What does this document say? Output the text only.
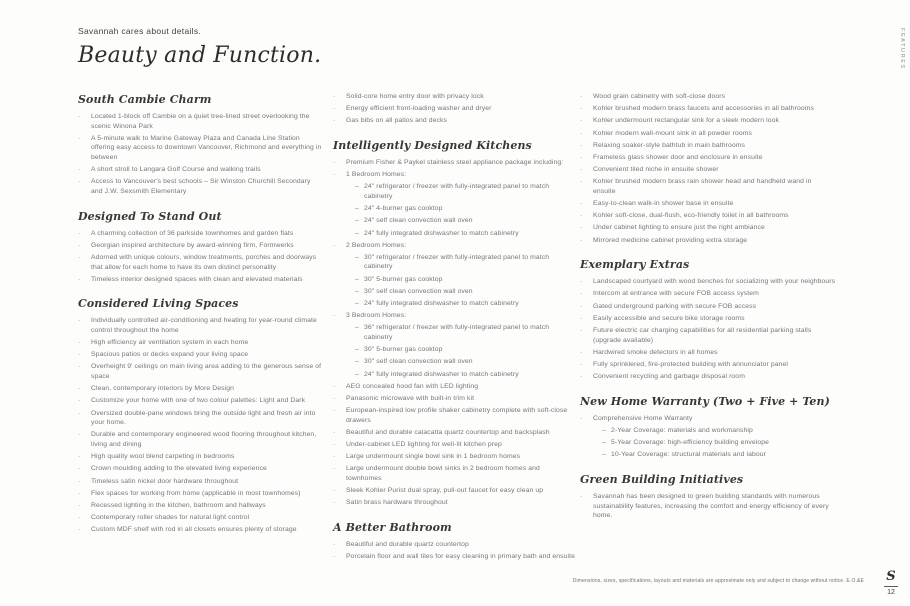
Savannah cares about details.
Beauty and Function.
South Cambie Charm
·	Located 1-block off Cambie on a quiet tree-lined street overlooking the scenic Winona Park
·	A 5-minute walk to Marine Gateway Plaza and Canada Line Station offering easy access to downtown Vancouver, Richmond and everything in between
·	A short stroll to Langara Golf Course and walking trails
·	Access to Vancouver's best schools – Sir Winston Churchill Secondary and J.W. Sexsmith Elementary
Designed To Stand Out
·	A charming collection of 36 parkside townhomes and garden flats
·	Georgian inspired architecture by award-winning firm, Formwerks
·	Adorned with unique colours, window treatments, porches and doorways that allow for each home to have its own distinct personality
·	Timeless interior designed spaces with clean and elevated materials
Considered Living Spaces
·	Individually controlled air-conditioning and heating for year-round climate control throughout the home
·	High efficiency air ventilation system in each home
·	Spacious patios or decks expand your living space
·	Overheight 9' ceilings on main living area adding to the generous sense of space
·	Clean, contemporary interiors by More Design
·	Customize your home with one of two colour palettes: Light and Dark
·	Oversized double-pane windows bring the outside light and fresh air into your home.
·	Durable and contemporary engineered wood flooring throughout kitchen, living and dining
·	High quality wool blend carpeting in bedrooms
·	Crown moulding adding to the elevated living experience
·	Timeless satin nickel door hardware throughout
·	Flex spaces for working from home (applicable in most townhomes)
·	Recessed lighting in the kitchen, bathroom and hallways
·	Contemporary roller shades for natural light control
·	Custom MDF shelf with rod in all closets ensures plenty of storage
·	Solid-core home entry door with privacy lock
·	Energy efficient front-loading washer and dryer
·	Gas bibs on all patios and decks
Intelligently Designed Kitchens
·	Premium Fisher & Paykel stainless steel appliance package including:
·	1 Bedroom Homes:
– 24" refrigerator / freezer with fully-integrated panel to match cabinetry
– 24" 4-burner gas cooktop
– 24" self clean convection wall oven
– 24" fully integrated dishwasher to match cabinetry
·	2 Bedroom Homes:
– 30" refrigerator / freezer with fully-integrated panel to match cabinetry
– 30" 5-burner gas cooktop
– 30" self clean convection wall oven
– 24" fully integrated dishwasher to match cabinetry
·	3 Bedroom Homes:
– 36" refrigerator / freezer with fully-integrated panel to match cabinetry
– 30" 5-burner gas cooktop
– 30" self clean convection wall oven
– 24" fully integrated dishwasher to match cabinetry
·	AEG concealed hood fan with LED lighting
·	Panasonic microwave with built-in trim kit
·	European-inspired low profile shaker cabinetry complete with soft-close drawers
·	Beautiful and durable calacatta quartz countertop and backsplash
·	Under-cabinet LED lighting for well-lit kitchen prep
·	Large undermount single bowl sink in 1 bedroom homes
·	Large undermount double bowl sinks in 2 bedroom homes and townhomes
·	Sleek Kohler Purist dual spray, pull-out faucet for easy clean up
·	Satin brass hardware throughout
A Better Bathroom
·	Beautiful and durable quartz countertop
·	Porcelain floor and wall tiles for easy cleaning in primary bath and ensuite
·	Wood grain cabinetry with soft-close doors
·	Kohler brushed modern brass faucets and accessories in all bathrooms
·	Kohler undermount rectangular sink for a sleek modern look
·	Kohler modern wall-mount sink in all powder rooms
·	Relaxing soaker-style bathtub in main bathrooms
·	Frameless glass shower door and enclosure in ensuite
·	Convenient tiled niche in ensuite shower
·	Kohler brushed modern brass rain shower head and handheld wand in ensuite
·	Easy-to-clean walk-in shower base in ensuite
·	Kohler soft-close, dual-flush, eco-friendly toilet in all bathrooms
·	Under cabinet lighting to ensure just the right ambiance
·	Mirrored medicine cabinet providing extra storage
Exemplary Extras
·	Landscaped courtyard with wood benches for socializing with your neighbours
·	Intercom at entrance with secure FOB access system
·	Gated underground parking with secure FOB access
·	Easily accessible and secure bike storage rooms
·	Future electric car charging capabilities for all residential parking stalls (upgrade available)
·	Hardwired smoke detectors in all homes
·	Fully sprinklered, fire-protected building with annunciator panel
·	Convenient recycling and garbage disposal room
New Home Warranty (Two + Five + Ten)
·	Comprehensive Home Warranty
– 2-Year Coverage: materials and workmanship
– 5-Year Coverage: high-efficiency building envelope
– 10-Year Coverage: structural materials and labour
Green Building Initiatives
·	Savannah has been designed to green building standards with numerous sustainability features, increasing the comfort and energy efficiency of every home.
FEATURES
Dimensions, sizes, specifications, layouts and materials are approximate only and subject to change without notice. E.O.&E S
12
